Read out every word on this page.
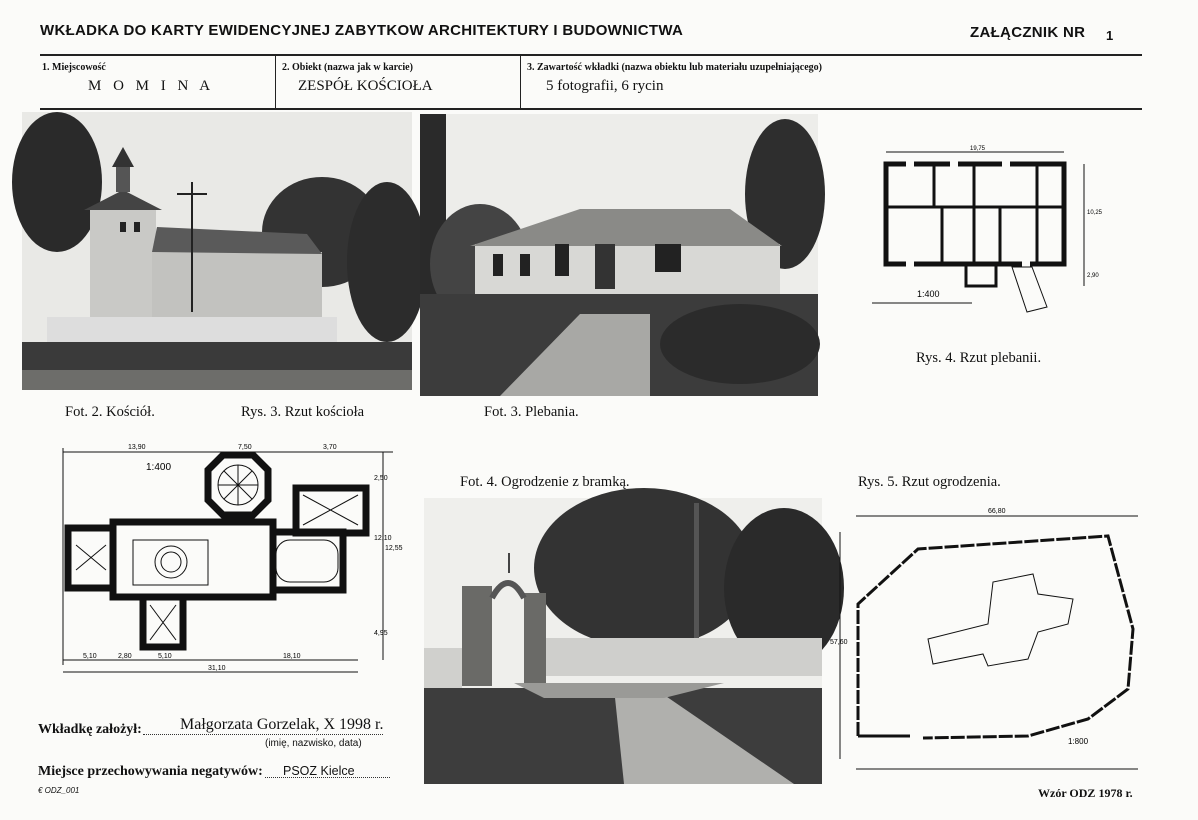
WKŁADKA DO KARTY EWIDENCYJNEJ ZABYTKOW ARCHITEKTURY I BUDOWNICTWA	ZAŁĄCZNIK NR 1
1. Miejscowość
M O M I N A
2. Obiekt (nazwa jak w karcie)
ZESPÓŁ KOŚCIOŁA
3. Zawartość wkładki (nazwa obiektu lub materiału uzupełniającego)
5 fotografii, 6 rycin
19,75
10,25
2,90
1:400
Fot. 2. Kościół.	Rys. 3. Rzut kościoła	Fot. 3. Plebania.
Rys. 4. Rzut plebanii.
13,90	7,50	3,70
5,10	2,80	5,10	18,10
31,10
2,50
12,10
12,55
4,95
1:400
Fot. 4. Ogrodzenie z bramką.	Rys. 5. Rzut ogrodzenia.
66,80
57,60
1:800
Wkładkę założył: Małgorzata Gorzelak, X 1998 r.
(imię, nazwisko, data)
Miejsce przechowywania negatywów: PSOZ Kielce
€ ODZ_001	Wzór ODZ 1978 r.
